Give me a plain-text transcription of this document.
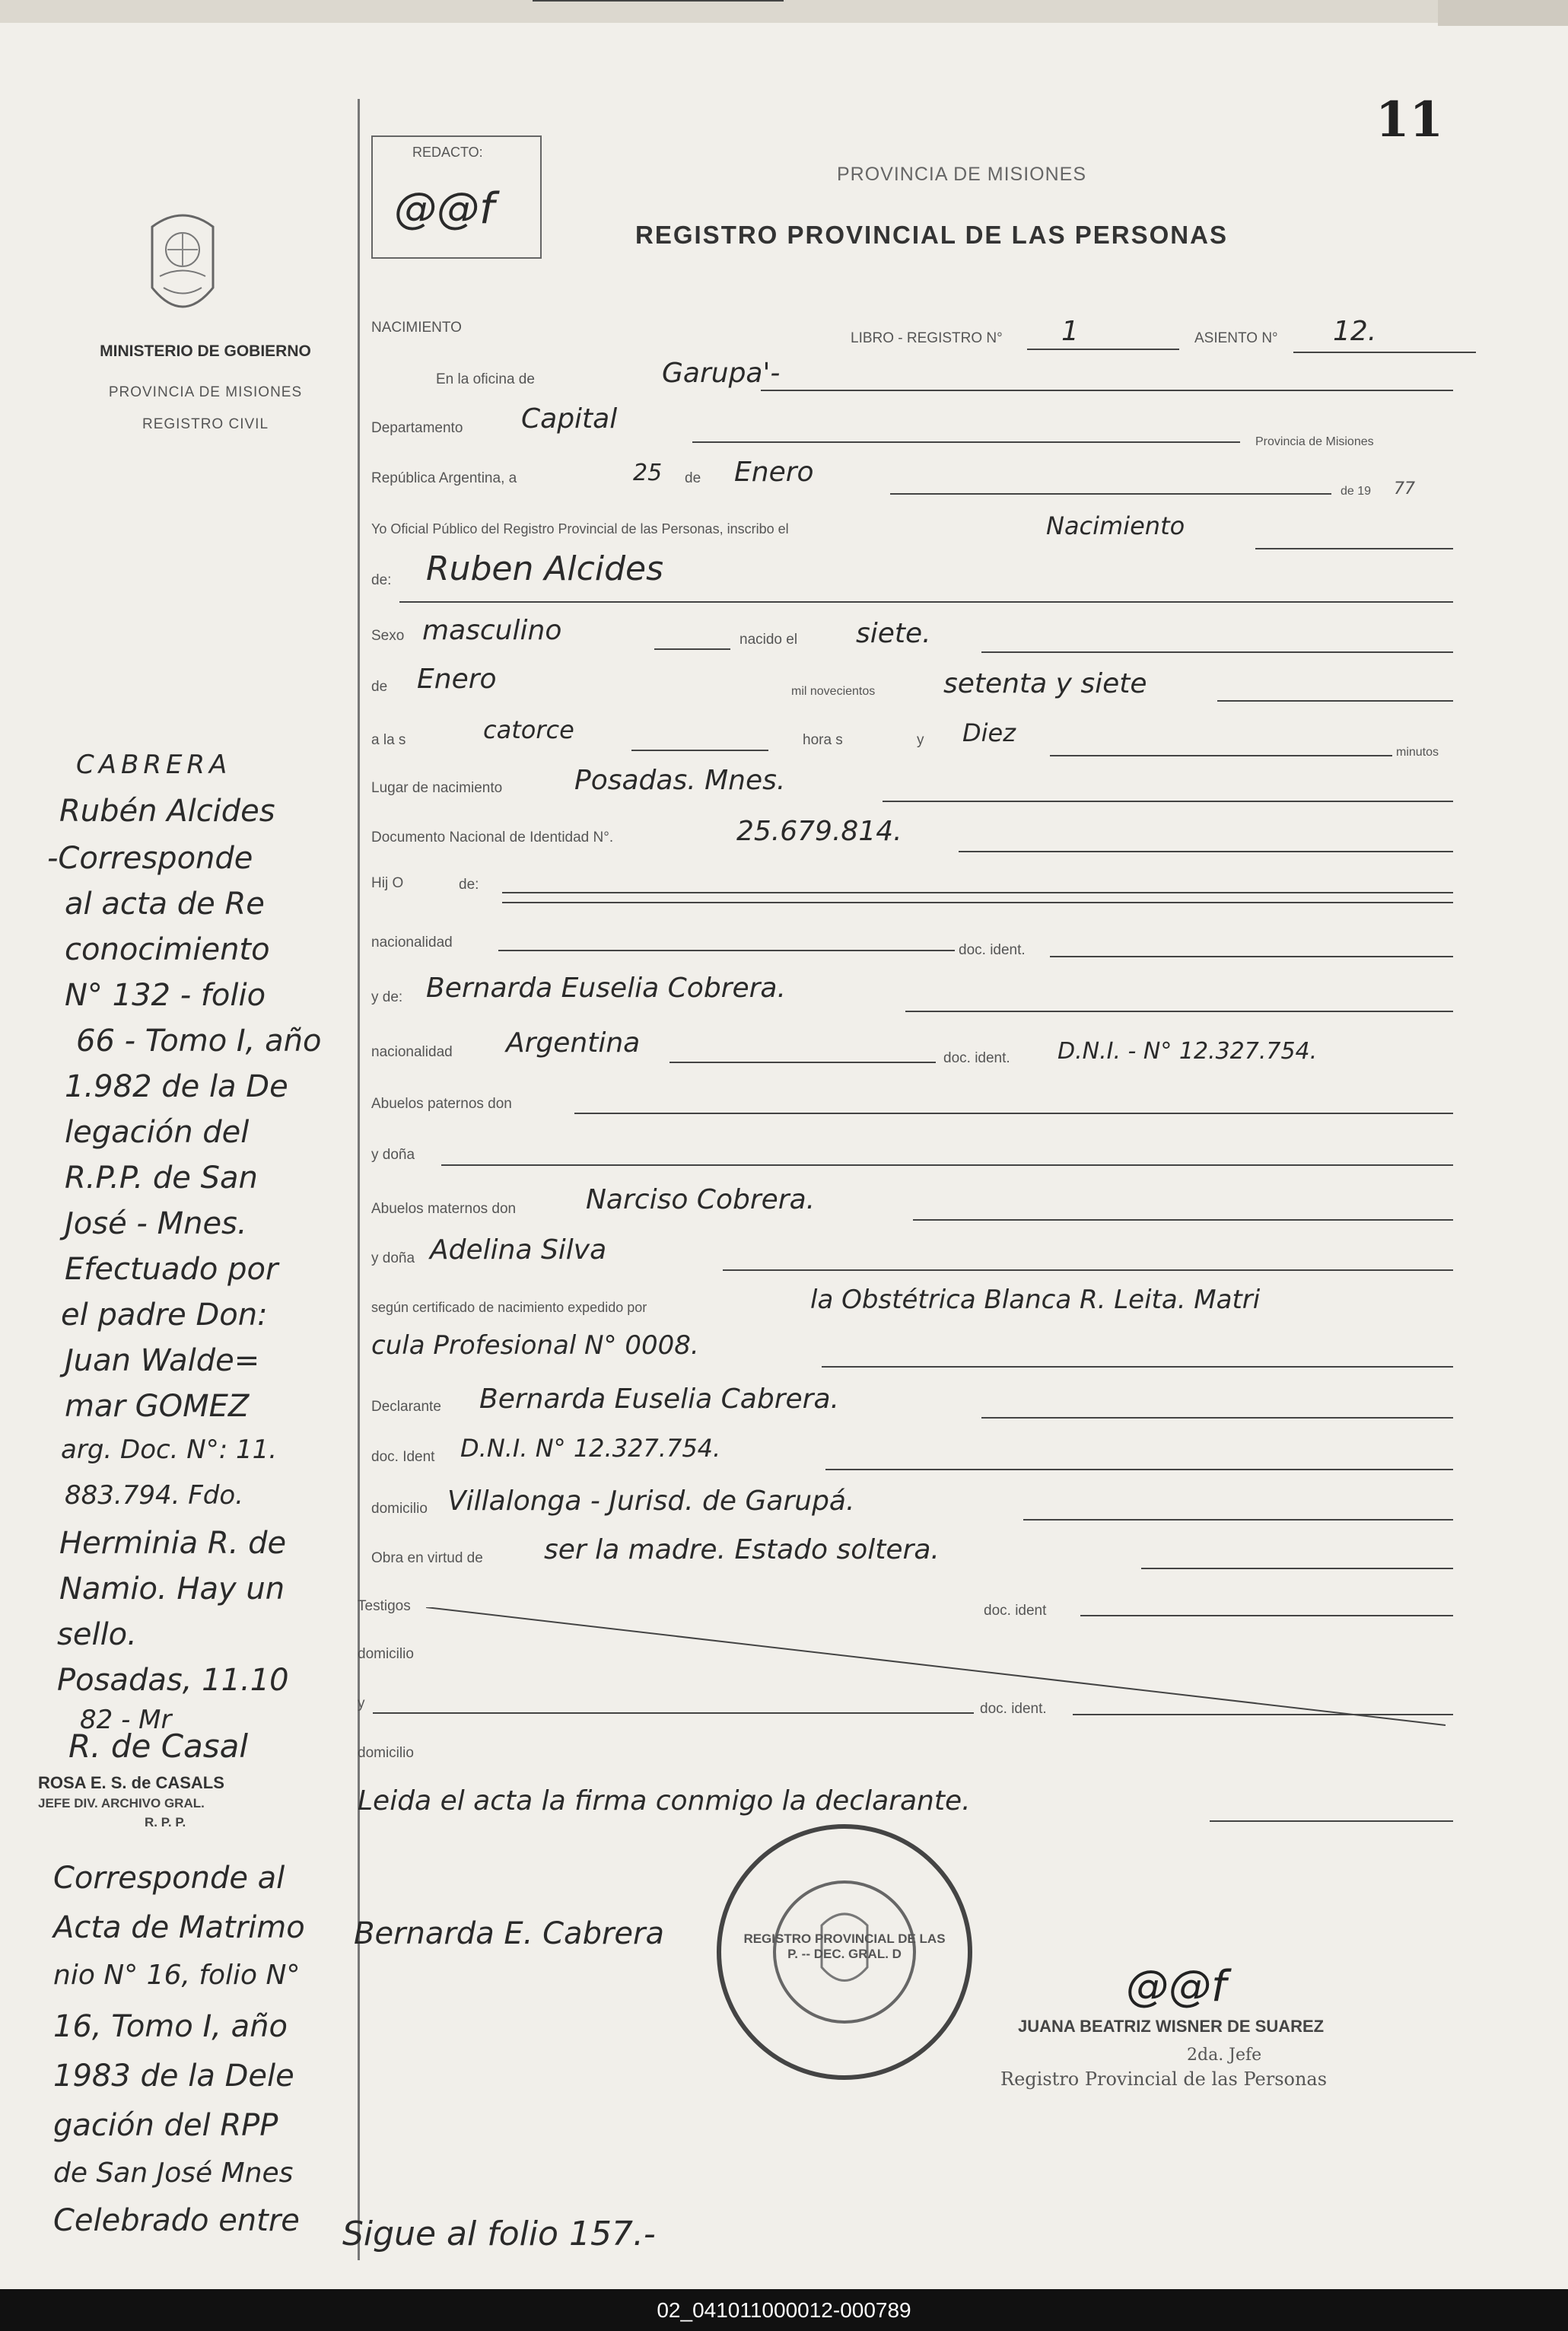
11
REDACTO:
@@f
MINISTERIO DE GOBIERNO
PROVINCIA DE MISIONES
REGISTRO CIVIL
PROVINCIA DE MISIONES
REGISTRO PROVINCIAL DE LAS PERSONAS
NACIMIENTO
LIBRO - REGISTRO N° 1	ASIENTO N° 12.
En la oficina de	Garupa'-
Departamento Capital
Provincia de Misiones
República Argentina, a	25 de Enero
de 19 77
Yo Oficial Público del Registro Provincial de las Personas, inscribo el	Nacimiento
de: Ruben Alcides
Sexo masculino	nacido el siete.
de Enero	mil novecientos setenta y siete
a la s	catorce	hora s	y Diez
minutos
Lugar de nacimiento	Posadas. Mnes.
Documento Nacional de Identidad N°.	25.679.814.
Hij O	de:
nacionalidad	doc. ident.
y de: Bernarda Euselia Cobrera.
nacionalidad Argentina	doc. ident. D.N.I. - N° 12.327.754.
Abuelos paternos don
y doña
Abuelos maternos don	Narciso Cobrera.
y doña Adelina Silva
según certificado de nacimiento expedido por	la Obstétrica Blanca R. Leita. Matri
cula Profesional N° 0008.
Declarante Bernarda Euselia Cabrera.
doc. Ident D.N.I. N° 12.327.754.
domicilio Villalonga - Jurisd. de Garupá.
Obra en virtud de ser la madre. Estado soltera.
Testigos	doc. ident
domicilio
y	doc. ident.
domicilio
Leida el acta la firma conmigo la declarante.
REGISTRO PROVINCIAL DE LAS P. -- DEC. GRAL. D
Bernarda E. Cabrera
@@f
JUANA BEATRIZ WISNER DE SUAREZ
2da. Jefe
Registro Provincial de las Personas
Sigue al folio 157.-
CABRERA
Rubén Alcides
-Corresponde
al acta de Re
conocimiento
N° 132 - folio
66 - Tomo I, año
1.982 de la De
legación del
R.P.P. de San
José - Mnes.
Efectuado por
el padre Don:
Juan Walde=
mar GOMEZ
arg. Doc. N°: 11.
883.794. Fdo.
Herminia R. de
Namio. Hay un
sello.
Posadas, 11.10
82 - Mr
R. de Casal
ROSA E. S. de CASALS
JEFE DIV. ARCHIVO GRAL.
R. P. P.
Corresponde al
Acta de Matrimo
nio N° 16, folio N°
16, Tomo I, año
1983 de la Dele
gación del RPP
de San José Mnes
Celebrado entre
02_041011000012-000789
